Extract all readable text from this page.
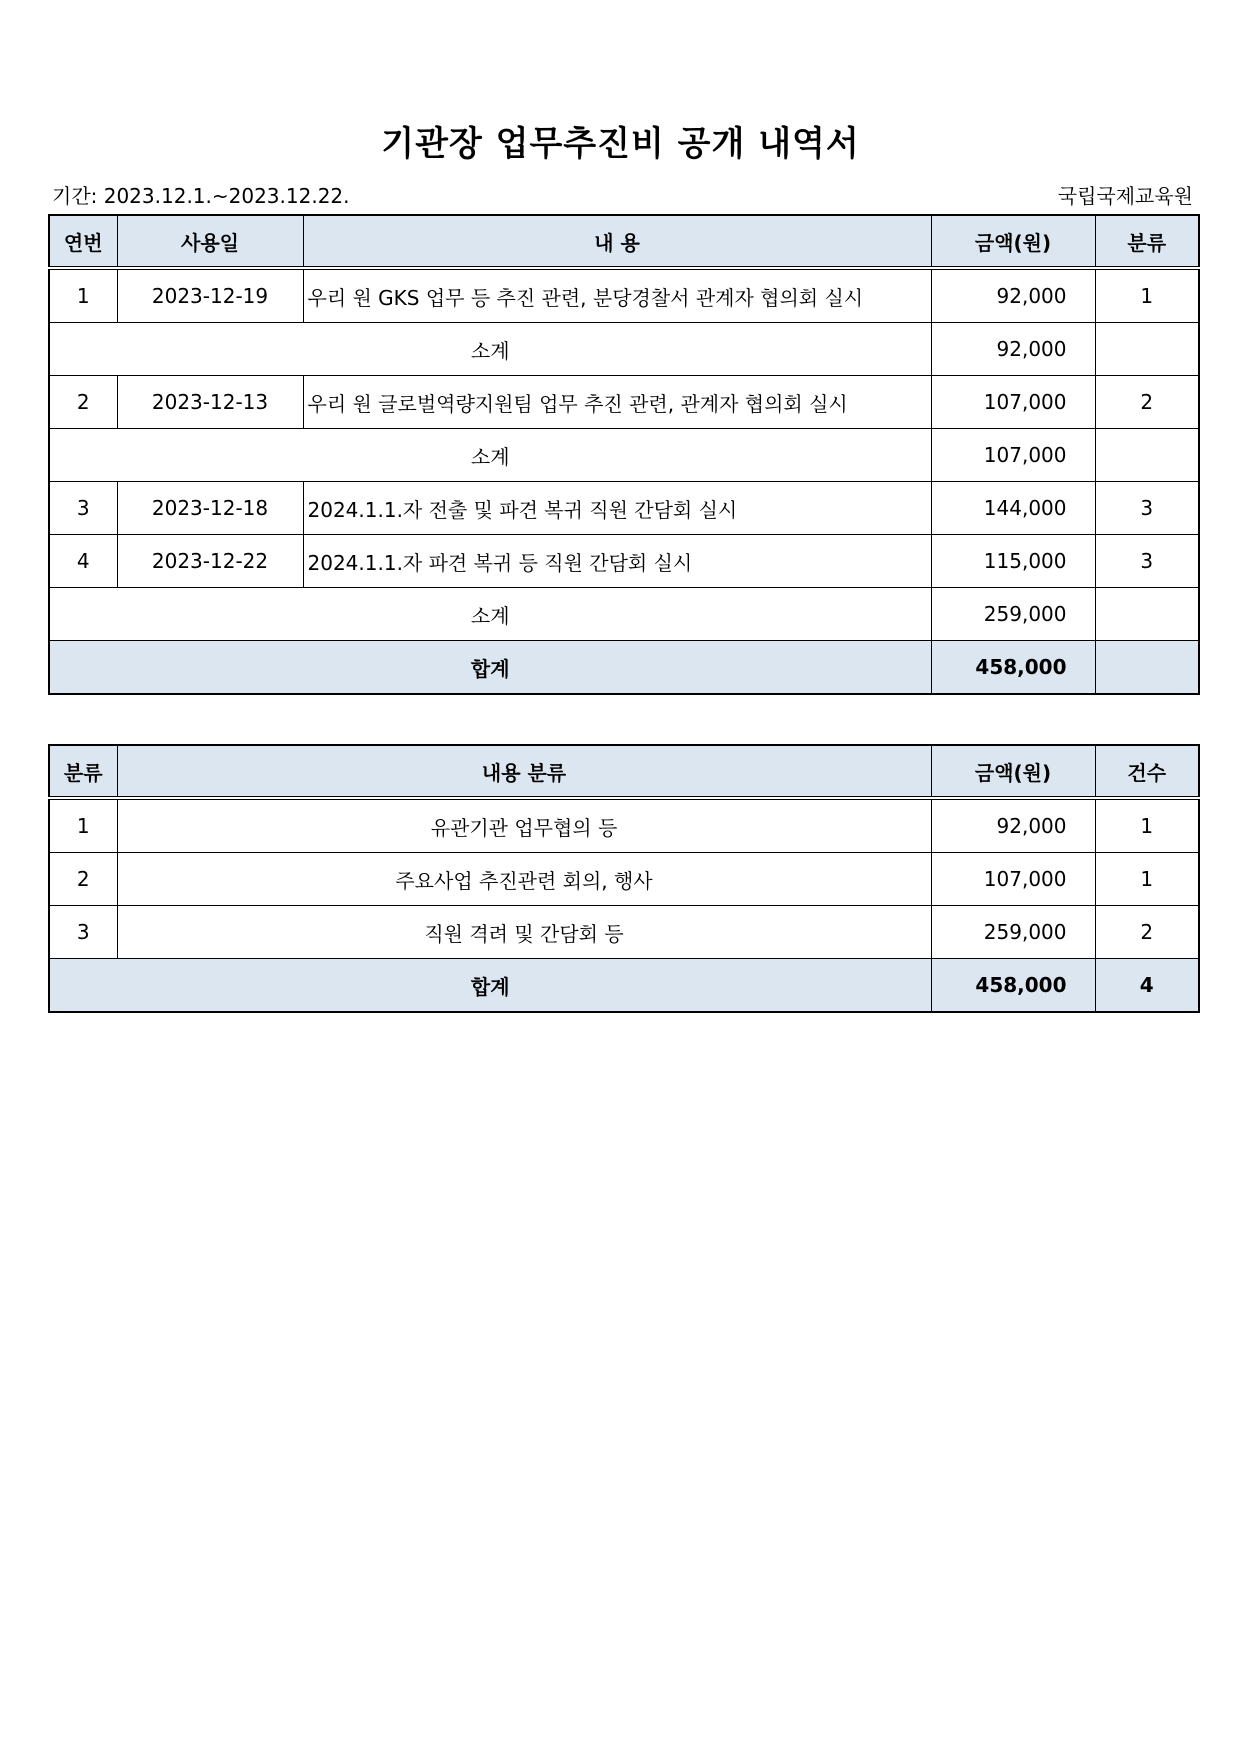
기관장 업무추진비 공개 내역서
기간: 2023.12.1.~2023.12.22.	국립국제교육원
연번	사용일	내 용	금액(원)	분류
1	2023-12-19	우리 원 GKS 업무 등 추진 관련, 분당경찰서 관계자 협의회 실시	92,000	1
소계			92,000	
2	2023-12-13	우리 원 글로벌역량지원팀 업무 추진 관련, 관계자 협의회 실시	107,000	2
소계			107,000	
3	2023-12-18	2024.1.1.자 전출 및 파견 복귀 직원 간담회 실시	144,000	3
4	2023-12-22	2024.1.1.자 파견 복귀 등 직원 간담회 실시	115,000	3
소계			259,000	
합계			458,000	
분류	내용 분류	금액(원)	건수
1	유관기관 업무협의 등	92,000	1
2	주요사업 추진관련 회의, 행사	107,000	1
3	직원 격려 및 간담회 등	259,000	2
합계		458,000	4
